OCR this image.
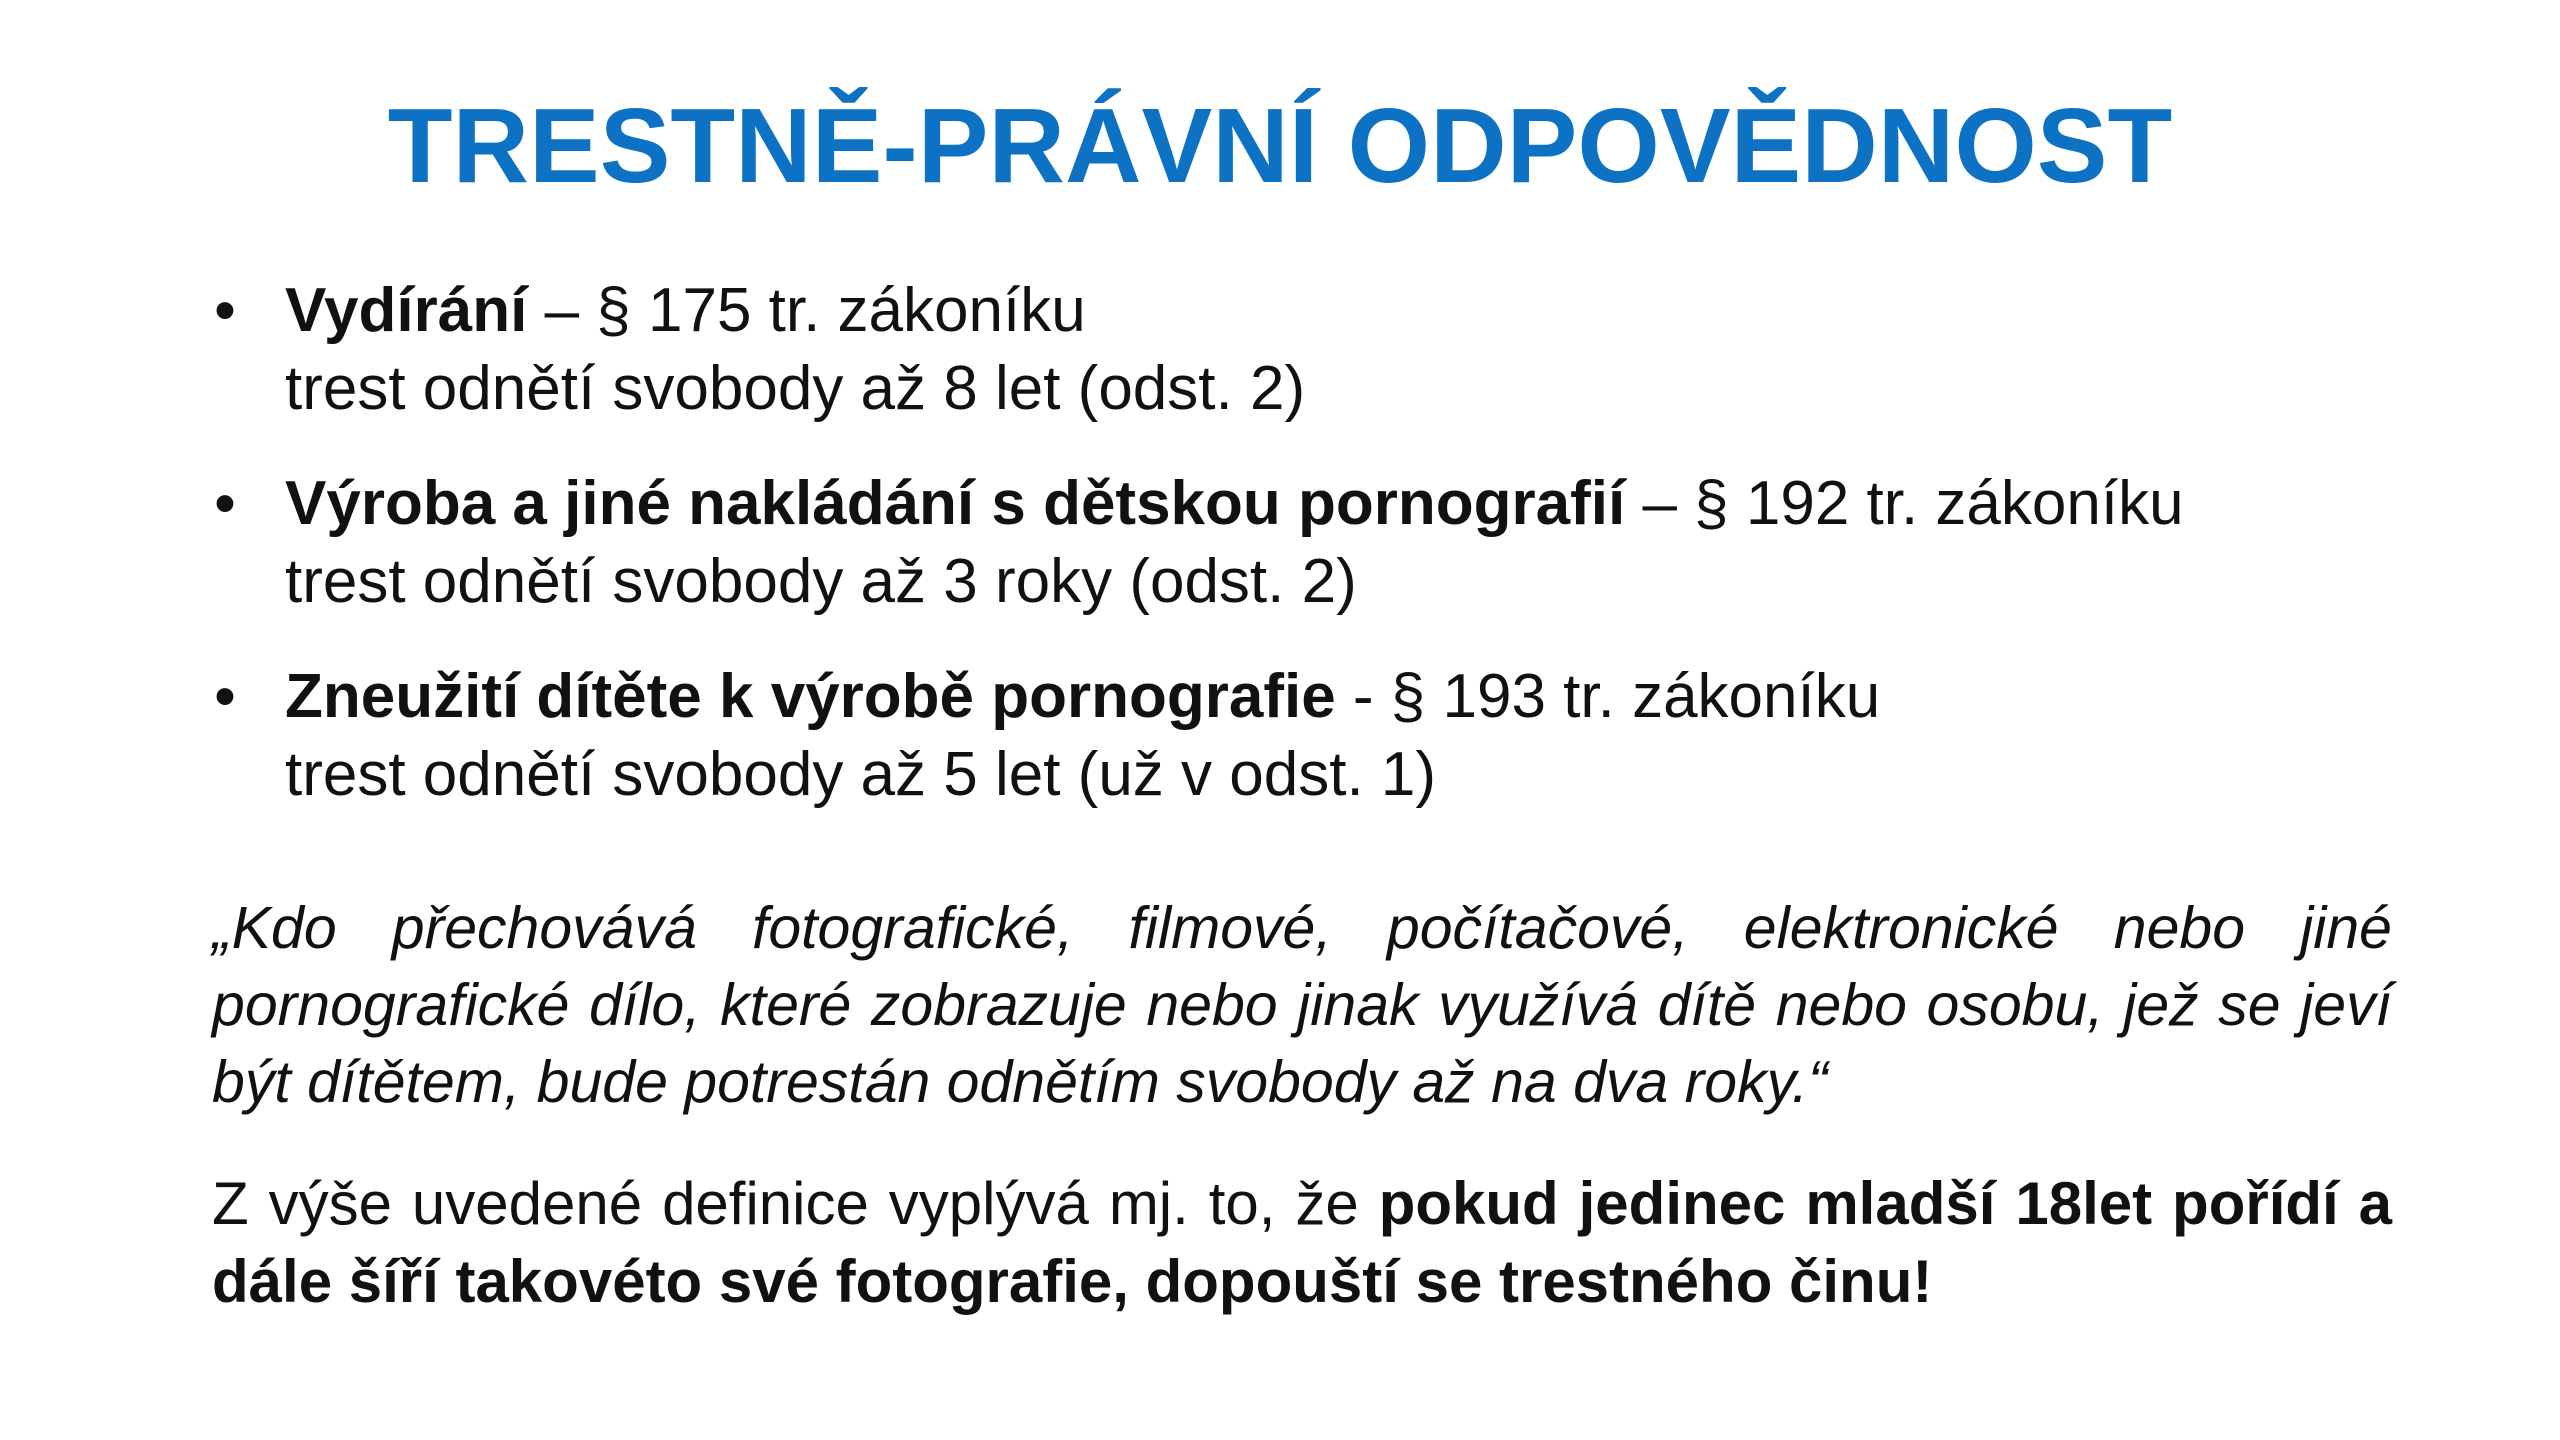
TRESTNĚ-PRÁVNÍ ODPOVĚDNOST
• Vydírání – § 175 tr. zákoníku
trest odnětí svobody až 8 let (odst. 2)
• Výroba a jiné nakládání s dětskou pornografií – § 192 tr. zákoníku
trest odnětí svobody až 3 roky (odst. 2)
• Zneužití dítěte k výrobě pornografie - § 193 tr. zákoníku
trest odnětí svobody až 5 let (už v odst. 1)

„Kdo přechovává fotografické, filmové, počítačové, elektronické nebo jiné pornografické dílo, které zobrazuje nebo jinak využívá dítě nebo osobu, jež se jeví být dítětem, bude potrestán odnětím svobody až na dva roky.“

Z výše uvedené definice vyplývá mj. to, že pokud jedinec mladší 18let pořídí a dále šíří takovéto své fotografie, dopouští se trestného činu!
